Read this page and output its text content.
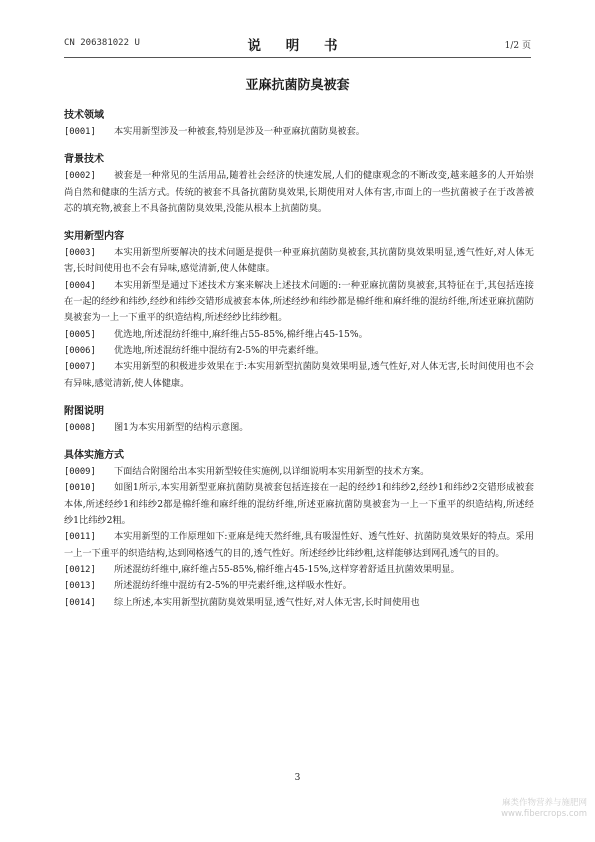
CN 206381022 U	说 明 书	1/2 页
亚麻抗菌防臭被套
技术领域

[0001] 本实用新型涉及一种被套,特别是涉及一种亚麻抗菌防臭被套。

背景技术

[0002] 被套是一种常见的生活用品,随着社会经济的快速发展,人们的健康观念的不断改变,越来越多的人开始崇尚自然和健康的生活方式。传统的被套不具备抗菌防臭效果,长期使用对人体有害,市面上的一些抗菌被子在于改善被芯的填充物,被套上不具备抗菌防臭效果,没能从根本上抗菌防臭。

实用新型内容

[0003] 本实用新型所要解决的技术问题是提供一种亚麻抗菌防臭被套,其抗菌防臭效果明显,透气性好,对人体无害,长时间使用也不会有异味,感觉清新,使人体健康。

[0004] 本实用新型是通过下述技术方案来解决上述技术问题的:一种亚麻抗菌防臭被套,其特征在于,其包括连接在一起的经纱和纬纱,经纱和纬纱交错形成被套本体,所述经纱和纬纱都是棉纤维和麻纤维的混纺纤维,所述亚麻抗菌防臭被套为一上一下重平的织造结构,所述经纱比纬纱粗。

[0005] 优选地,所述混纺纤维中,麻纤维占55-85%,棉纤维占45-15%。

[0006] 优选地,所述混纺纤维中混纺有2-5%的甲壳素纤维。

[0007] 本实用新型的积极进步效果在于:本实用新型抗菌防臭效果明显,透气性好,对人体无害,长时间使用也不会有异味,感觉清新,使人体健康。

附图说明

[0008] 图1为本实用新型的结构示意图。

具体实施方式

[0009] 下面结合附图给出本实用新型较佳实施例,以详细说明本实用新型的技术方案。

[0010] 如图1所示,本实用新型亚麻抗菌防臭被套包括连接在一起的经纱1和纬纱2,经纱1和纬纱2交错形成被套本体,所述经纱1和纬纱2都是棉纤维和麻纤维的混纺纤维,所述亚麻抗菌防臭被套为一上一下重平的织造结构,所述经纱1比纬纱2粗。

[0011] 本实用新型的工作原理如下:亚麻是纯天然纤维,具有吸湿性好、透气性好、抗菌防臭效果好的特点。采用一上一下重平的织造结构,达到网格透气的目的,透气性好。所述经纱比纬纱粗,这样能够达到网孔透气的目的。

[0012] 所述混纺纤维中,麻纤维占55-85%,棉纤维占45-15%,这样穿着舒适且抗菌效果明显。

[0013] 所述混纺纤维中混纺有2-5%的甲壳素纤维,这样吸水性好。

[0014] 综上所述,本实用新型抗菌防臭效果明显,透气性好,对人体无害,长时间使用也

3
麻类作物营养与施肥网
www.fibercrops.com
